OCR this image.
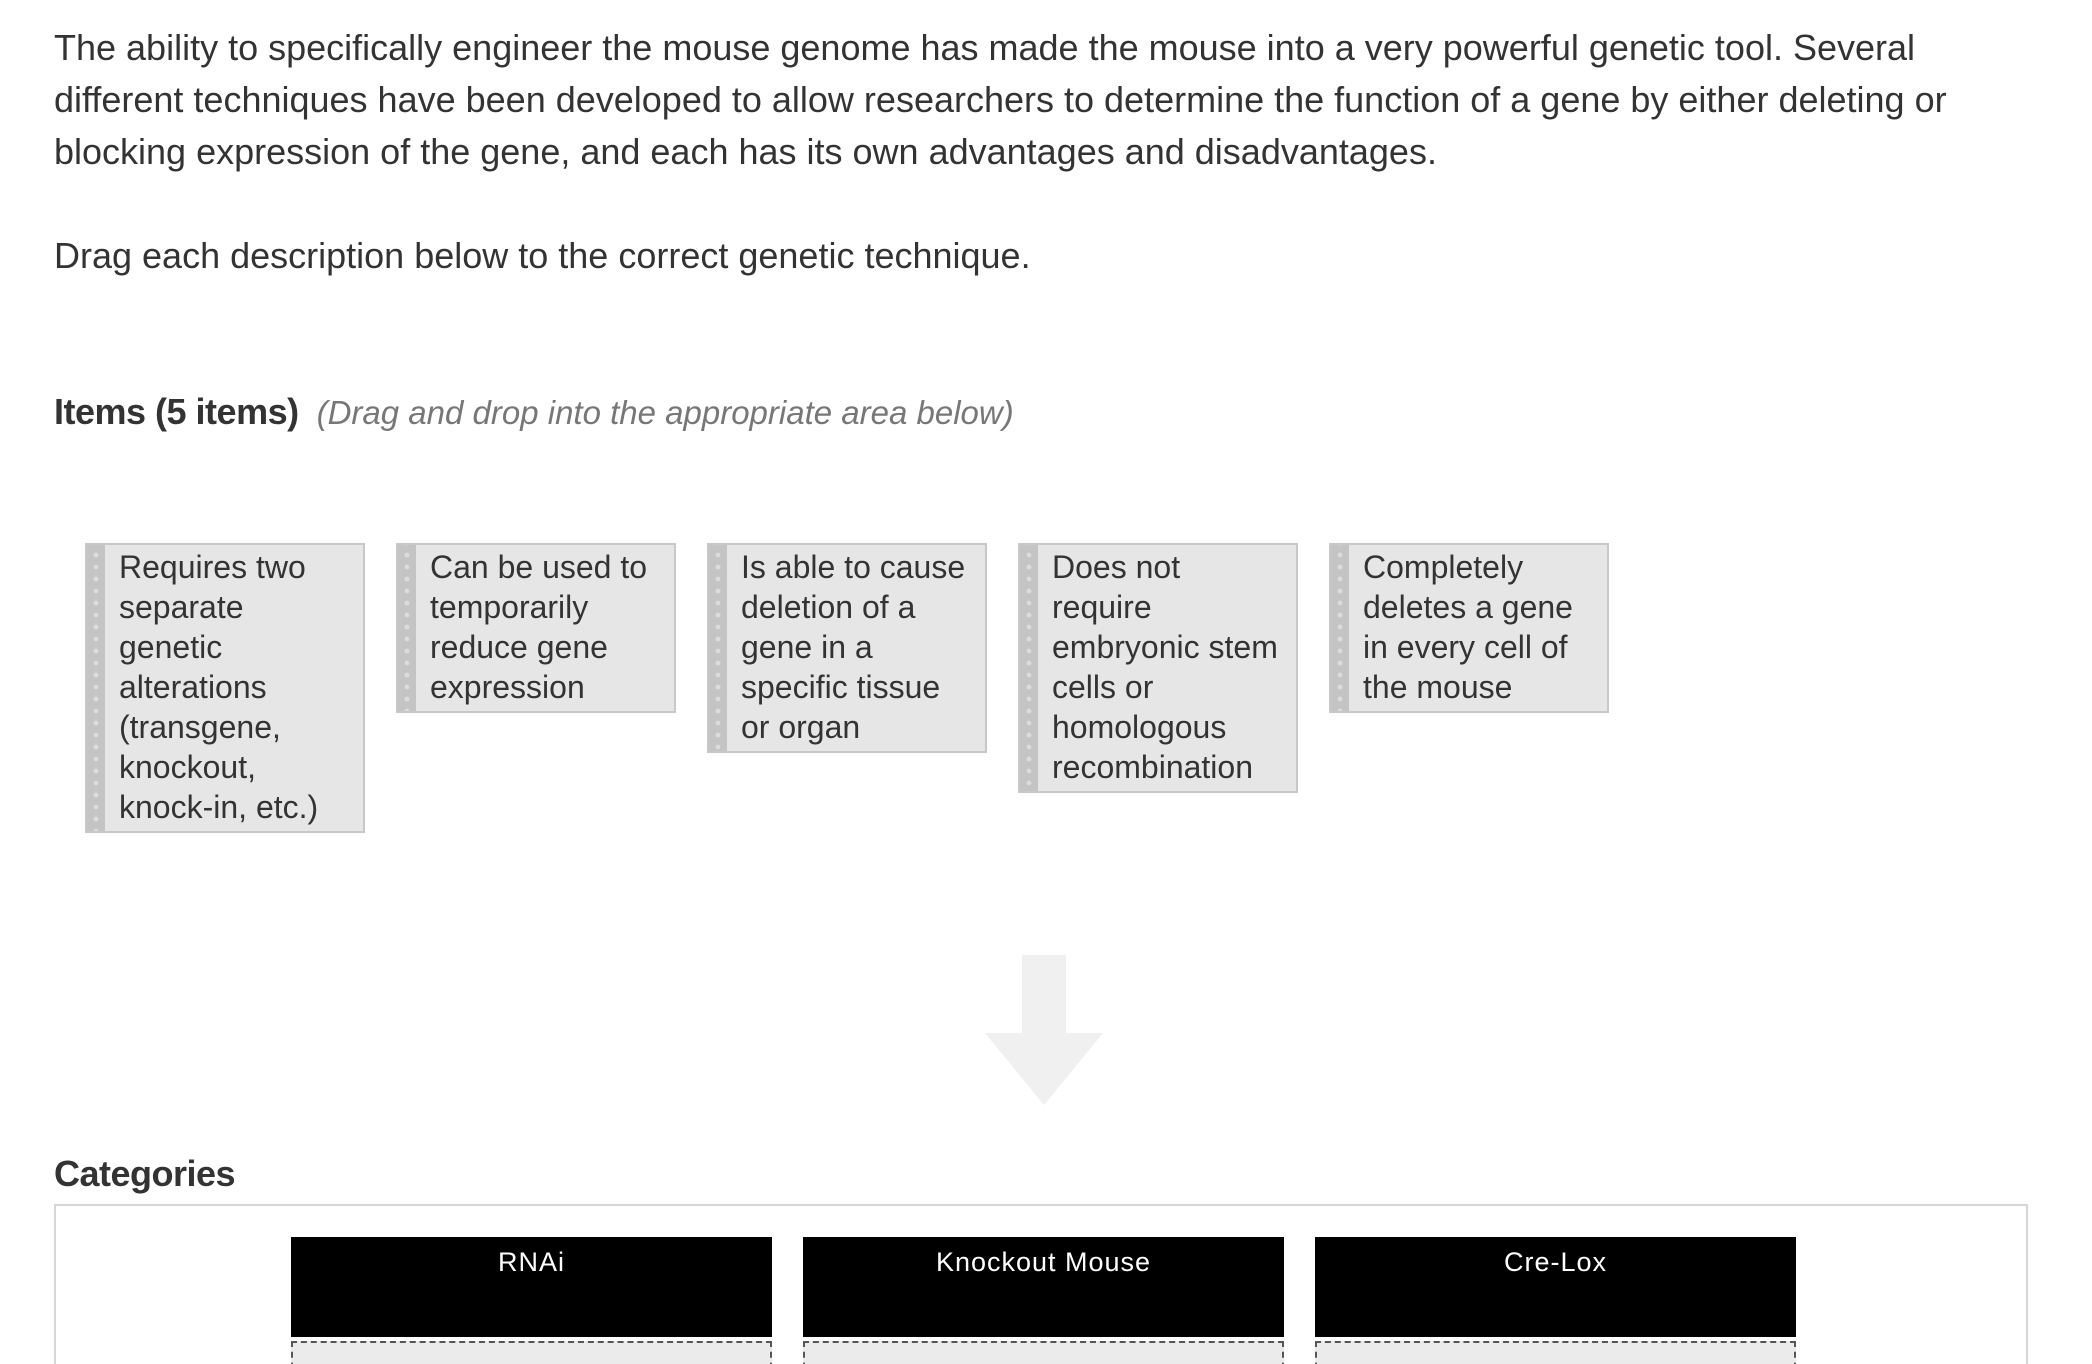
The ability to specifically engineer the mouse genome has made the mouse into a very powerful genetic tool. Several different techniques have been developed to allow researchers to determine the function of a gene by either deleting or blocking expression of the gene, and each has its own advantages and disadvantages.

Drag each description below to the correct genetic technique.

Items (5 items) (Drag and drop into the appropriate area below)
Requires two separate genetic alterations (transgene, knockout, knock-in, etc.)
Can be used to temporarily reduce gene expression
Is able to cause deletion of a gene in a specific tissue or organ
Does not require embryonic stem cells or homologous recombination
Completely deletes a gene in every cell of the mouse
Categories
RNAi	Knockout Mouse	Cre-Lox
